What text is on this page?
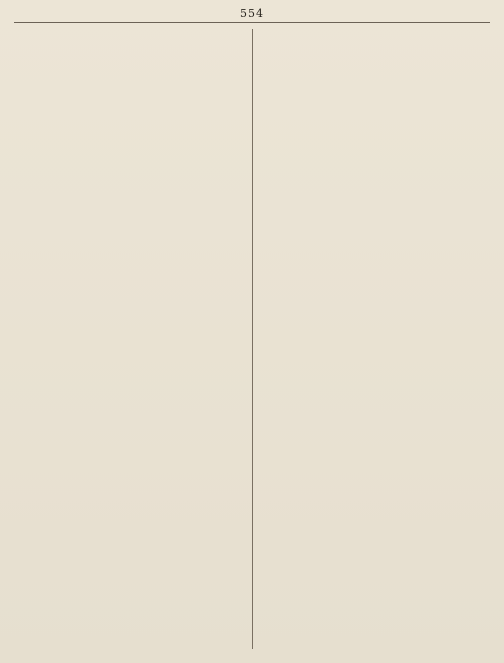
554
